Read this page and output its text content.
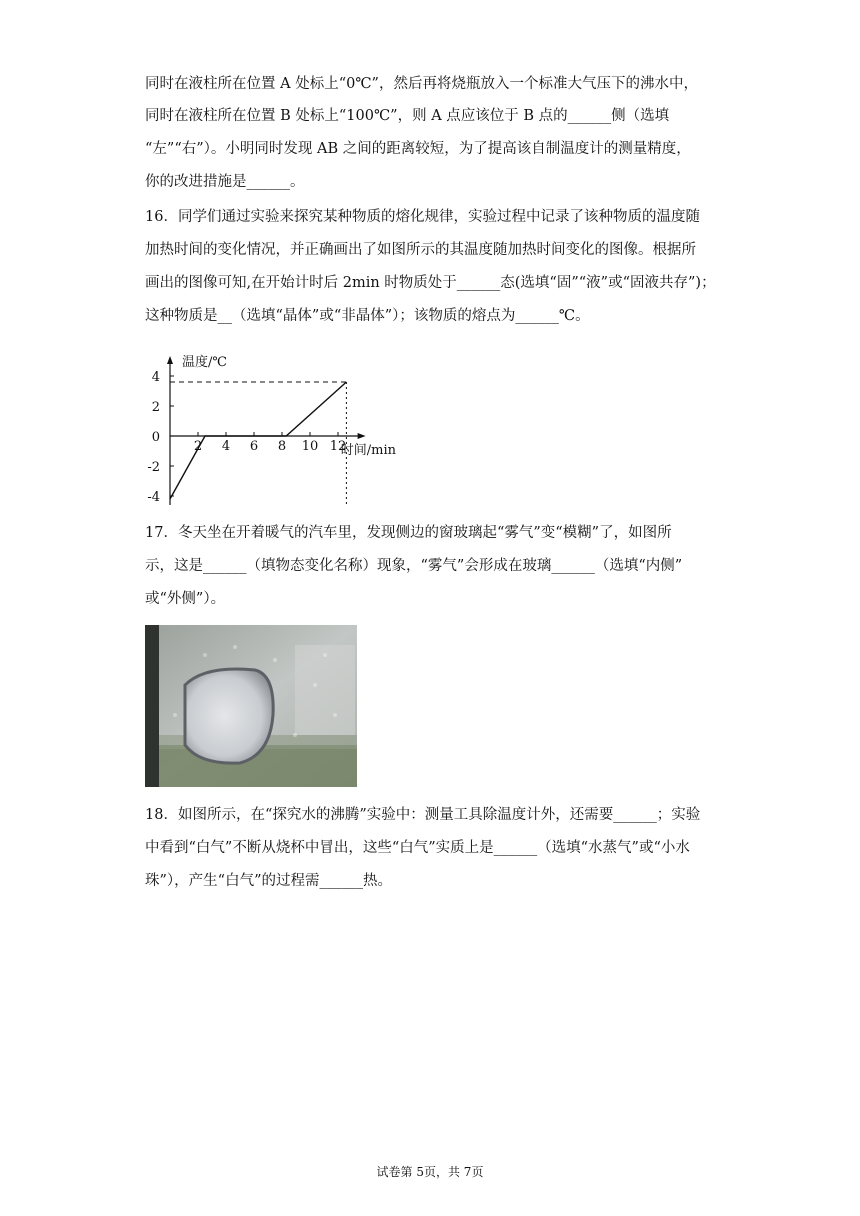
同时在液柱所在位置 A 处标上“0℃”，然后再将烧瓶放入一个标准大气压下的沸水中，
同时在液柱所在位置 B 处标上“100℃”，则 A 点应该位于 B 点的______侧（选填
“左”“右”）。小明同时发现 AB 之间的距离较短，为了提高该自制温度计的测量精度，
你的改进措施是______。
16．同学们通过实验来探究某种物质的熔化规律，实验过程中记录了该种物质的温度随
加热时间的变化情况，并正确画出了如图所示的其温度随加热时间变化的图像。根据所
画出的图像可知,在开始计时后 2min 时物质处于______态(选填“固”“液”或“固液共存”)；
这种物质是__（选填“晶体”或“非晶体”）；该物质的熔点为______℃。
温度/℃
时间/min
4
2
0
-2
-4
2 4 6 8 10 12
17．冬天坐在开着暖气的汽车里，发现侧边的窗玻璃起“雾气”变“模糊”了，如图所
示，这是______（填物态变化名称）现象，“雾气”会形成在玻璃______（选填“内侧”
或“外侧”）。
18．如图所示，在“探究水的沸腾”实验中：测量工具除温度计外，还需要______；实验
中看到“白气”不断从烧杯中冒出，这些“白气”实质上是______（选填“水蒸气”或“小水
珠”），产生“白气”的过程需______热。
试卷第 5页，共 7页
